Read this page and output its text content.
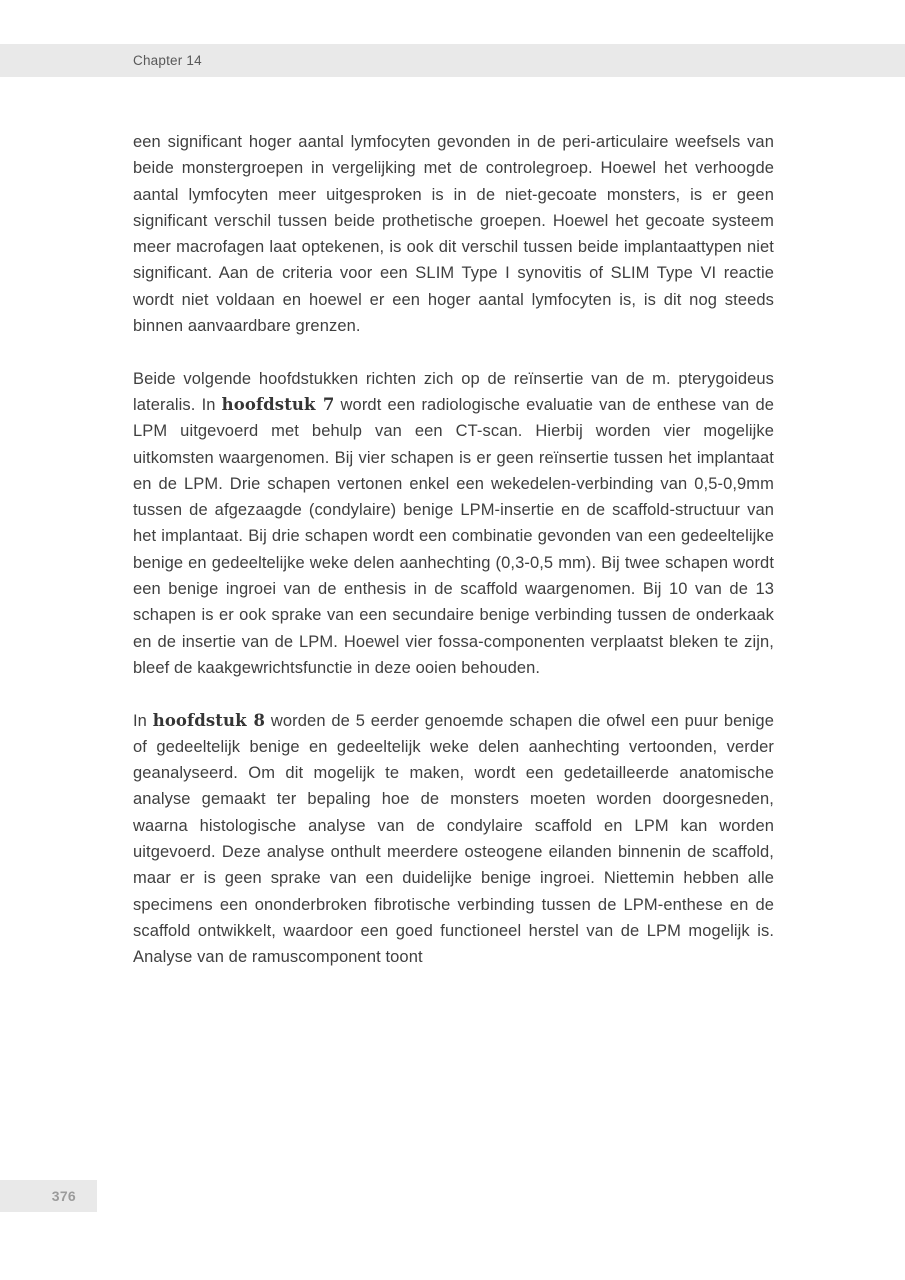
Chapter 14

een significant hoger aantal lymfocyten gevonden in de peri-articulaire weefsels van beide monstergroepen in vergelijking met de controlegroep. Hoewel het verhoogde aantal lymfocyten meer uitgesproken is in de niet-gecoate monsters, is er geen significant verschil tussen beide prothetische groepen. Hoewel het gecoate systeem meer macrofagen laat optekenen, is ook dit verschil tussen beide implantaattypen niet significant. Aan de criteria voor een SLIM Type I synovitis of SLIM Type VI reactie wordt niet voldaan en hoewel er een hoger aantal lymfocyten is, is dit nog steeds binnen aanvaardbare grenzen.

Beide volgende hoofdstukken richten zich op de reïnsertie van de m. pterygoideus lateralis. In hoofdstuk 7 wordt een radiologische evaluatie van de enthese van de LPM uitgevoerd met behulp van een CT-scan. Hierbij worden vier mogelijke uitkomsten waargenomen. Bij vier schapen is er geen reïnsertie tussen het implantaat en de LPM. Drie schapen vertonen enkel een wekedelen-verbinding van 0,5-0,9mm tussen de afgezaagde (condylaire) benige LPM-insertie en de scaffold-structuur van het implantaat. Bij drie schapen wordt een combinatie gevonden van een gedeeltelijke benige en gedeeltelijke weke delen aanhechting (0,3-0,5 mm). Bij twee schapen wordt een benige ingroei van de enthesis in de scaffold waargenomen. Bij 10 van de 13 schapen is er ook sprake van een secundaire benige verbinding tussen de onderkaak en de insertie van de LPM. Hoewel vier fossa-componenten verplaatst bleken te zijn, bleef de kaakgewrichtsfunctie in deze ooien behouden.

In hoofdstuk 8 worden de 5 eerder genoemde schapen die ofwel een puur benige of gedeeltelijk benige en gedeeltelijk weke delen aanhechting vertoonden, verder geanalyseerd. Om dit mogelijk te maken, wordt een gedetailleerde anatomische analyse gemaakt ter bepaling hoe de monsters moeten worden doorgesneden, waarna histologische analyse van de condylaire scaffold en LPM kan worden uitgevoerd. Deze analyse onthult meerdere osteogene eilanden binnenin de scaffold, maar er is geen sprake van een duidelijke benige ingroei. Niettemin hebben alle specimens een ononderbroken fibrotische verbinding tussen de LPM-enthese en de scaffold ontwikkelt, waardoor een goed functioneel herstel van de LPM mogelijk is. Analyse van de ramuscomponent toont

376
